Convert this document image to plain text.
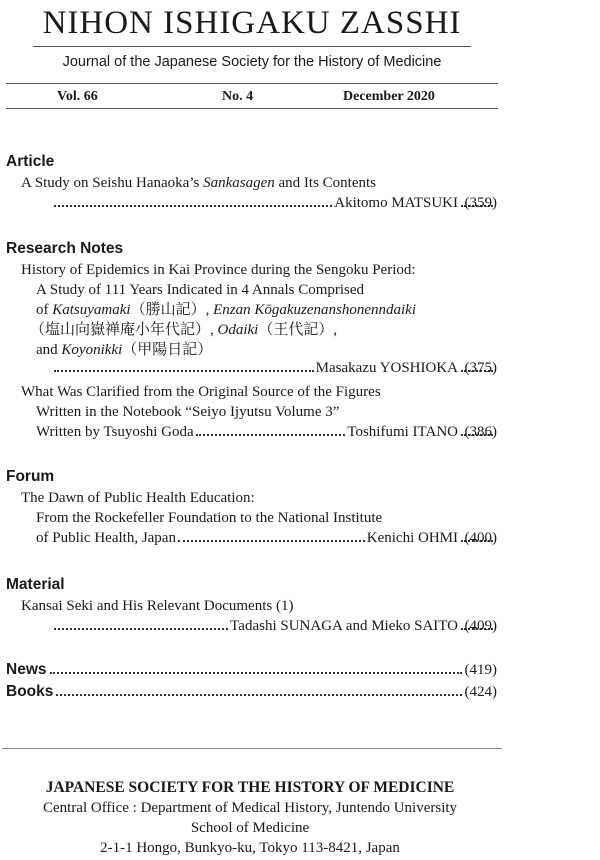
NIHON ISHIGAKU ZASSHI
Journal of the Japanese Society for the History of Medicine
Vol. 66	No. 4	December 2020
Article
A Study on Seishu Hanaoka’s Sankasagen and Its Contents
Akitomo MATSUKI (359)
Research Notes
History of Epidemics in Kai Province during the Sengoku Period:
A Study of 111 Years Indicated in 4 Annals Comprised
of Katsuyamaki（勝山記）, Enzan Kōgakuzenanshonenndaiki
（塩山向嶽禅庵小年代記）, Odaiki（王代記）,
and Koyonikki（甲陽日記）
Masakazu YOSHIOKA (375)
What Was Clarified from the Original Source of the Figures
Written in the Notebook “Seiyo Ijyutsu Volume 3”
Written by Tsuyoshi Goda	Toshifumi ITANO (386)
Forum
The Dawn of Public Health Education:
From the Rockefeller Foundation to the National Institute
of Public Health, Japan	Kenichi OHMI (400)
Material
Kansai Seki and His Relevant Documents (1)
Tadashi SUNAGA and Mieko SAITO (409)
News	(419)
Books	(424)
JAPANESE SOCIETY FOR THE HISTORY OF MEDICINE
Central Office : Department of Medical History, Juntendo University
School of Medicine
2-1-1 Hongo, Bunkyo-ku, Tokyo 113-8421, Japan
